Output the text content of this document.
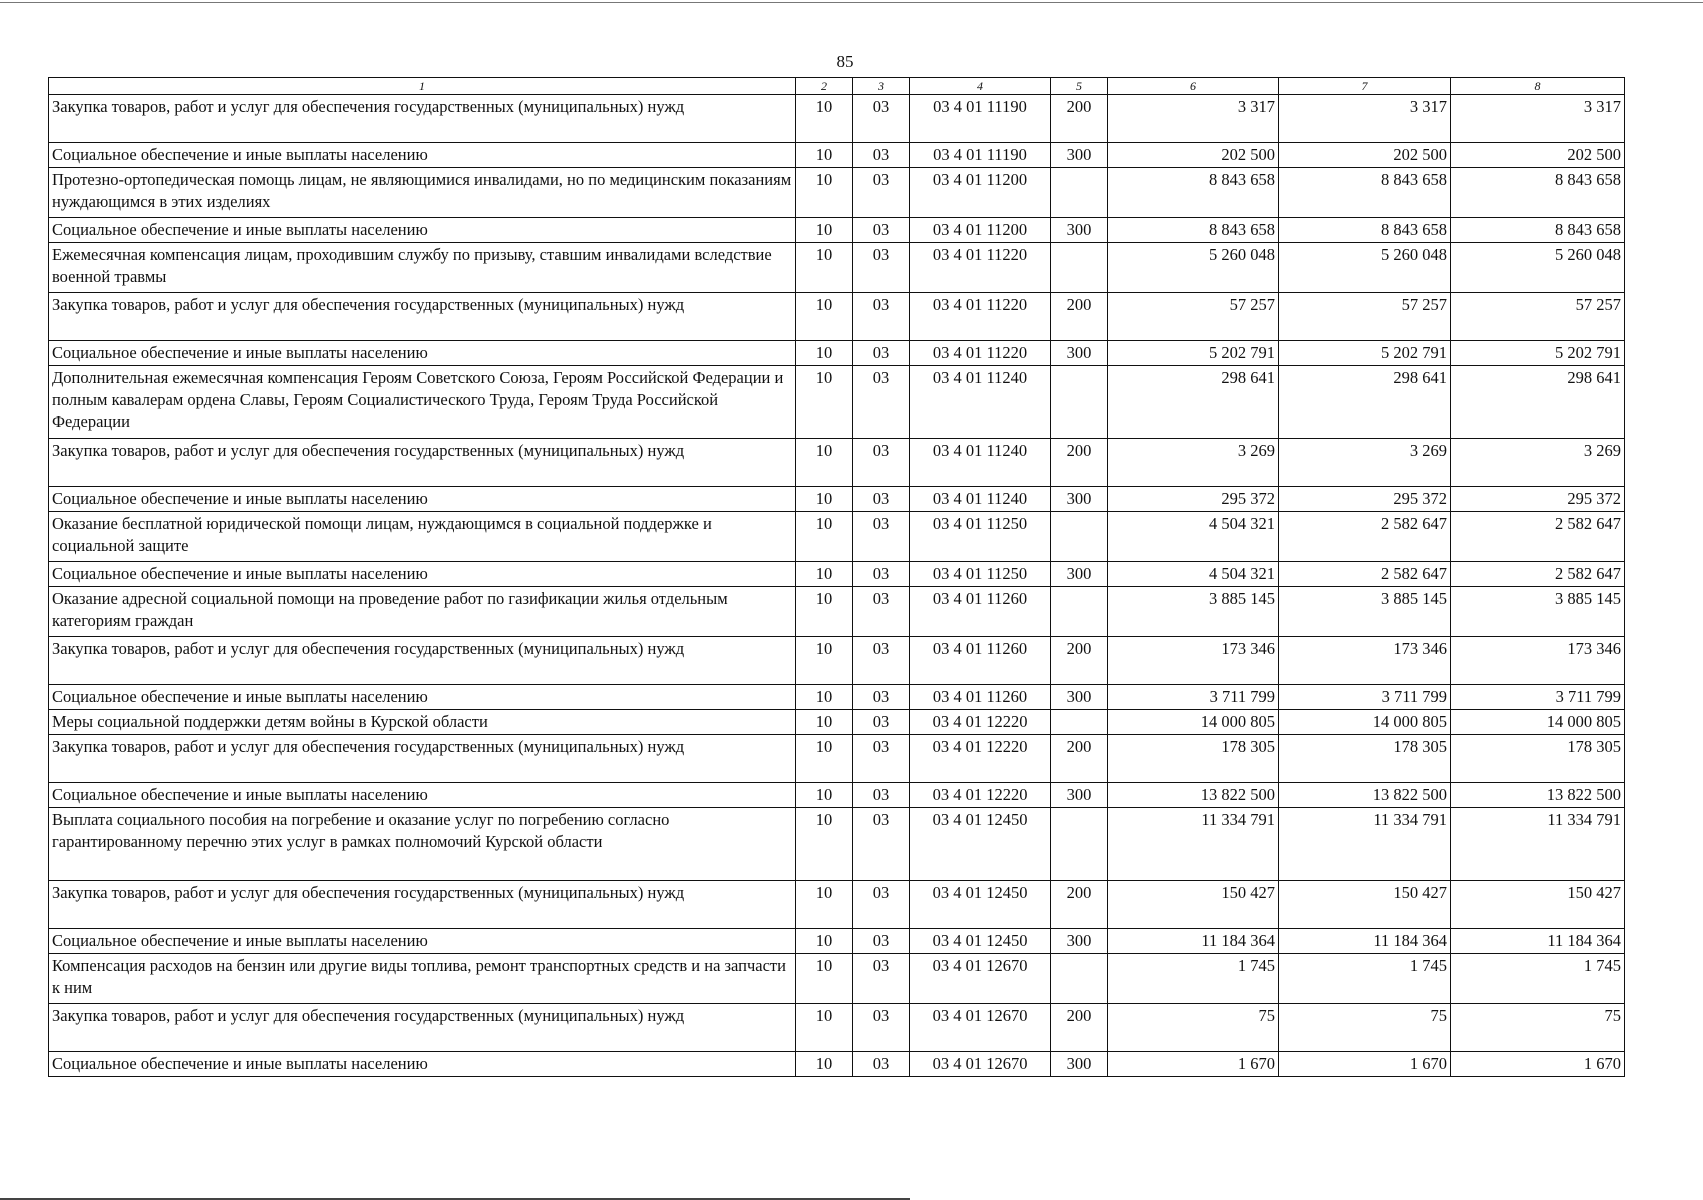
85
1	2	3	4	5	6	7	8
Закупка товаров, работ и услуг для обеспечения государственных (муниципальных) нужд	10	03	03 4 01 11190	200	3 317	3 317	3 317
Социальное обеспечение и иные выплаты населению	10	03	03 4 01 11190	300	202 500	202 500	202 500
Протезно-ортопедическая помощь лицам, не являющимися инвалидами, но по медицинским показаниям нуждающимся в этих изделиях	10	03	03 4 01 11200		8 843 658	8 843 658	8 843 658
Социальное обеспечение и иные выплаты населению	10	03	03 4 01 11200	300	8 843 658	8 843 658	8 843 658
Ежемесячная компенсация лицам, проходившим службу по призыву, ставшим инвалидами вследствие военной травмы	10	03	03 4 01 11220		5 260 048	5 260 048	5 260 048
Закупка товаров, работ и услуг для обеспечения государственных (муниципальных) нужд	10	03	03 4 01 11220	200	57 257	57 257	57 257
Социальное обеспечение и иные выплаты населению	10	03	03 4 01 11220	300	5 202 791	5 202 791	5 202 791
Дополнительная ежемесячная компенсация Героям Советского Союза, Героям Российской Федерации и полным кавалерам ордена Славы, Героям Социалистического Труда, Героям Труда Российской Федерации	10	03	03 4 01 11240		298 641	298 641	298 641
Закупка товаров, работ и услуг для обеспечения государственных (муниципальных) нужд	10	03	03 4 01 11240	200	3 269	3 269	3 269
Социальное обеспечение и иные выплаты населению	10	03	03 4 01 11240	300	295 372	295 372	295 372
Оказание бесплатной юридической помощи лицам, нуждающимся в социальной поддержке и социальной защите	10	03	03 4 01 11250		4 504 321	2 582 647	2 582 647
Социальное обеспечение и иные выплаты населению	10	03	03 4 01 11250	300	4 504 321	2 582 647	2 582 647
Оказание адресной социальной помощи на проведение работ по газификации жилья отдельным категориям граждан	10	03	03 4 01 11260		3 885 145	3 885 145	3 885 145
Закупка товаров, работ и услуг для обеспечения государственных (муниципальных) нужд	10	03	03 4 01 11260	200	173 346	173 346	173 346
Социальное обеспечение и иные выплаты населению	10	03	03 4 01 11260	300	3 711 799	3 711 799	3 711 799
Меры социальной поддержки детям войны в Курской области	10	03	03 4 01 12220		14 000 805	14 000 805	14 000 805
Закупка товаров, работ и услуг для обеспечения государственных (муниципальных) нужд	10	03	03 4 01 12220	200	178 305	178 305	178 305
Социальное обеспечение и иные выплаты населению	10	03	03 4 01 12220	300	13 822 500	13 822 500	13 822 500
Выплата социального пособия на погребение и оказание услуг по погребению согласно гарантированному перечню этих услуг в рамках полномочий Курской области	10	03	03 4 01 12450		11 334 791	11 334 791	11 334 791
Закупка товаров, работ и услуг для обеспечения государственных (муниципальных) нужд	10	03	03 4 01 12450	200	150 427	150 427	150 427
Социальное обеспечение и иные выплаты населению	10	03	03 4 01 12450	300	11 184 364	11 184 364	11 184 364
Компенсация расходов на бензин или другие виды топлива, ремонт транспортных средств и на запчасти к ним	10	03	03 4 01 12670		1 745	1 745	1 745
Закупка товаров, работ и услуг для обеспечения государственных (муниципальных) нужд	10	03	03 4 01 12670	200	75	75	75
Социальное обеспечение и иные выплаты населению	10	03	03 4 01 12670	300	1 670	1 670	1 670
